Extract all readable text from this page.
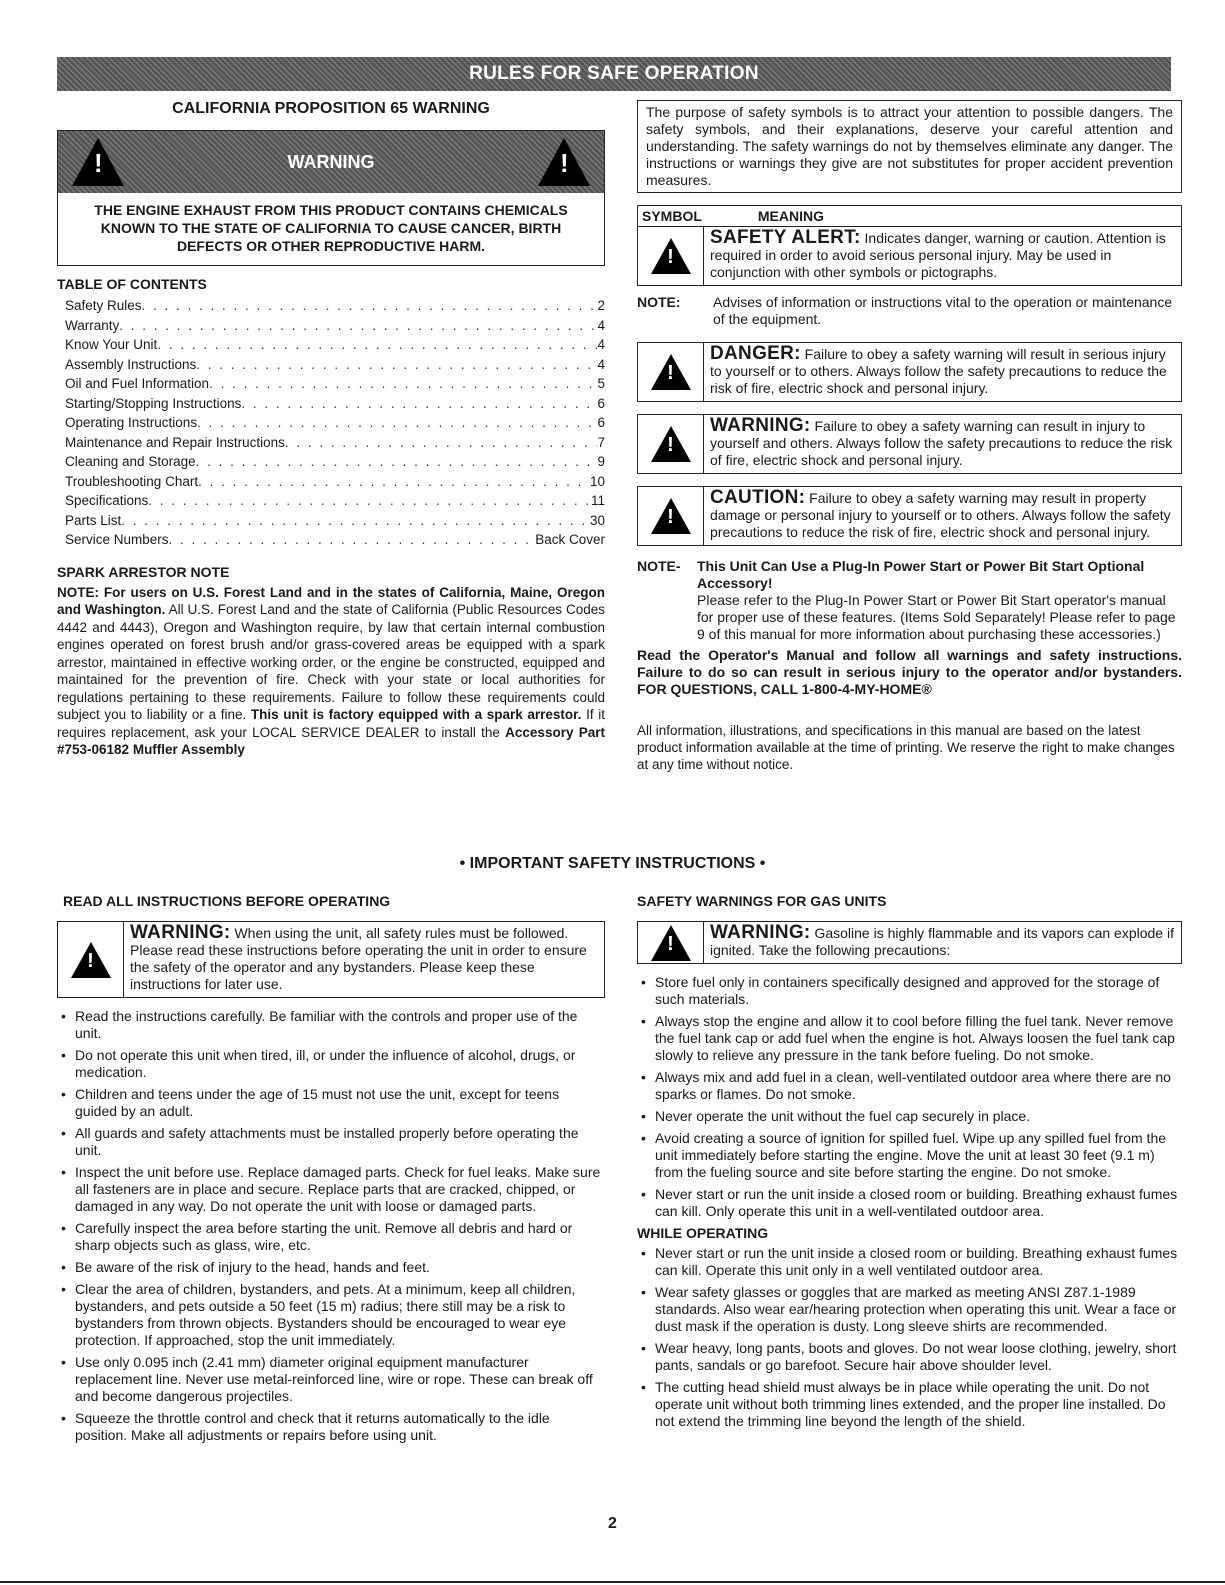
RULES FOR SAFE OPERATION
CALIFORNIA PROPOSITION 65 WARNING
!	WARNING	!
THE ENGINE EXHAUST FROM THIS PRODUCT CONTAINS CHEMICALS KNOWN TO THE STATE OF CALIFORNIA TO CAUSE CANCER, BIRTH DEFECTS OR OTHER REPRODUCTIVE HARM.
TABLE OF CONTENTS
Safety Rules . . .	2
Warranty . . .	4
Know Your Unit . . .	4
Assembly Instructions . . .	4
Oil and Fuel Information . . .	5
Starting/Stopping Instructions . . .	6
Operating Instructions . . .	6
Maintenance and Repair Instructions . . .	7
Cleaning and Storage . . .	9
Troubleshooting Chart . . .	10
Specifications . . .	11
Parts List . . .	30
Service Numbers . . .	Back Cover
SPARK ARRESTOR NOTE
NOTE: For users on U.S. Forest Land and in the states of California, Maine, Oregon and Washington. All U.S. Forest Land and the state of California (Public Resources Codes 4442 and 4443), Oregon and Washington require, by law that certain internal combustion engines operated on forest brush and/or grass-covered areas be equipped with a spark arrestor, maintained in effective working order, or the engine be constructed, equipped and maintained for the prevention of fire. Check with your state or local authorities for regulations pertaining to these requirements. Failure to follow these requirements could subject you to liability or a fine. This unit is factory equipped with a spark arrestor. If it requires replacement, ask your LOCAL SERVICE DEALER to install the Accessory Part #753-06182 Muffler Assembly
The purpose of safety symbols is to attract your attention to possible dangers. The safety symbols, and their explanations, deserve your careful attention and understanding. The safety warnings do not by themselves eliminate any danger. The instructions or warnings they give are not substitutes for proper accident prevention measures.
SYMBOL	MEANING
!
SAFETY ALERT: Indicates danger, warning or caution. Attention is required in order to avoid serious personal injury. May be used in conjunction with other symbols or pictographs.
NOTE:	Advises of information or instructions vital to the operation or maintenance of the equipment.
!
DANGER: Failure to obey a safety warning will result in serious injury to yourself or to others. Always follow the safety precautions to reduce the risk of fire, electric shock and personal injury.
!
WARNING: Failure to obey a safety warning can result in injury to yourself and others. Always follow the safety precautions to reduce the risk of fire, electric shock and personal injury.
!
CAUTION: Failure to obey a safety warning may result in property damage or personal injury to yourself or to others. Always follow the safety precautions to reduce the risk of fire, electric shock and personal injury.
NOTE-	This Unit Can Use a Plug-In Power Start or Power Bit Start Optional Accessory!
Please refer to the Plug-In Power Start or Power Bit Start operator's manual for proper use of these features. (Items Sold Separately! Please refer to page 9 of this manual for more information about purchasing these accessories.)
Read the Operator's Manual and follow all warnings and safety instructions. Failure to do so can result in serious injury to the operator and/or bystanders. FOR QUESTIONS, CALL 1-800-4-MY-HOME®
All information, illustrations, and specifications in this manual are based on the latest product information available at the time of printing. We reserve the right to make changes at any time without notice.
• IMPORTANT SAFETY INSTRUCTIONS •
READ ALL INSTRUCTIONS BEFORE OPERATING
!
WARNING: When using the unit, all safety rules must be followed. Please read these instructions before operating the unit in order to ensure the safety of the operator and any bystanders. Please keep these instructions for later use.
• Read the instructions carefully. Be familiar with the controls and proper use of the unit.
• Do not operate this unit when tired, ill, or under the influence of alcohol, drugs, or medication.
• Children and teens under the age of 15 must not use the unit, except for teens guided by an adult.
• All guards and safety attachments must be installed properly before operating the unit.
• Inspect the unit before use. Replace damaged parts. Check for fuel leaks. Make sure all fasteners are in place and secure. Replace parts that are cracked, chipped, or damaged in any way. Do not operate the unit with loose or damaged parts.
• Carefully inspect the area before starting the unit. Remove all debris and hard or sharp objects such as glass, wire, etc.
• Be aware of the risk of injury to the head, hands and feet.
• Clear the area of children, bystanders, and pets. At a minimum, keep all children, bystanders, and pets outside a 50 feet (15 m) radius; there still may be a risk to bystanders from thrown objects. Bystanders should be encouraged to wear eye protection. If approached, stop the unit immediately.
• Use only 0.095 inch (2.41 mm) diameter original equipment manufacturer replacement line. Never use metal-reinforced line, wire or rope. These can break off and become dangerous projectiles.
• Squeeze the throttle control and check that it returns automatically to the idle position. Make all adjustments or repairs before using unit.
SAFETY WARNINGS FOR GAS UNITS
!	WARNING: Gasoline is highly flammable and its vapors can explode if ignited. Take the following precautions:
• Store fuel only in containers specifically designed and approved for the storage of such materials.
• Always stop the engine and allow it to cool before filling the fuel tank. Never remove the fuel tank cap or add fuel when the engine is hot. Always loosen the fuel tank cap slowly to relieve any pressure in the tank before fueling. Do not smoke.
• Always mix and add fuel in a clean, well-ventilated outdoor area where there are no sparks or flames. Do not smoke.
• Never operate the unit without the fuel cap securely in place.
• Avoid creating a source of ignition for spilled fuel. Wipe up any spilled fuel from the unit immediately before starting the engine. Move the unit at least 30 feet (9.1 m) from the fueling source and site before starting the engine. Do not smoke.
• Never start or run the unit inside a closed room or building. Breathing exhaust fumes can kill. Only operate this unit in a well-ventilated outdoor area.
WHILE OPERATING
• Never start or run the unit inside a closed room or building. Breathing exhaust fumes can kill. Operate this unit only in a well ventilated outdoor area.
• Wear safety glasses or goggles that are marked as meeting ANSI Z87.1-1989 standards. Also wear ear/hearing protection when operating this unit. Wear a face or dust mask if the operation is dusty. Long sleeve shirts are recommended.
• Wear heavy, long pants, boots and gloves. Do not wear loose clothing, jewelry, short pants, sandals or go barefoot. Secure hair above shoulder level.
• The cutting head shield must always be in place while operating the unit. Do not operate unit without both trimming lines extended, and the proper line installed. Do not extend the trimming line beyond the length of the shield.
2
